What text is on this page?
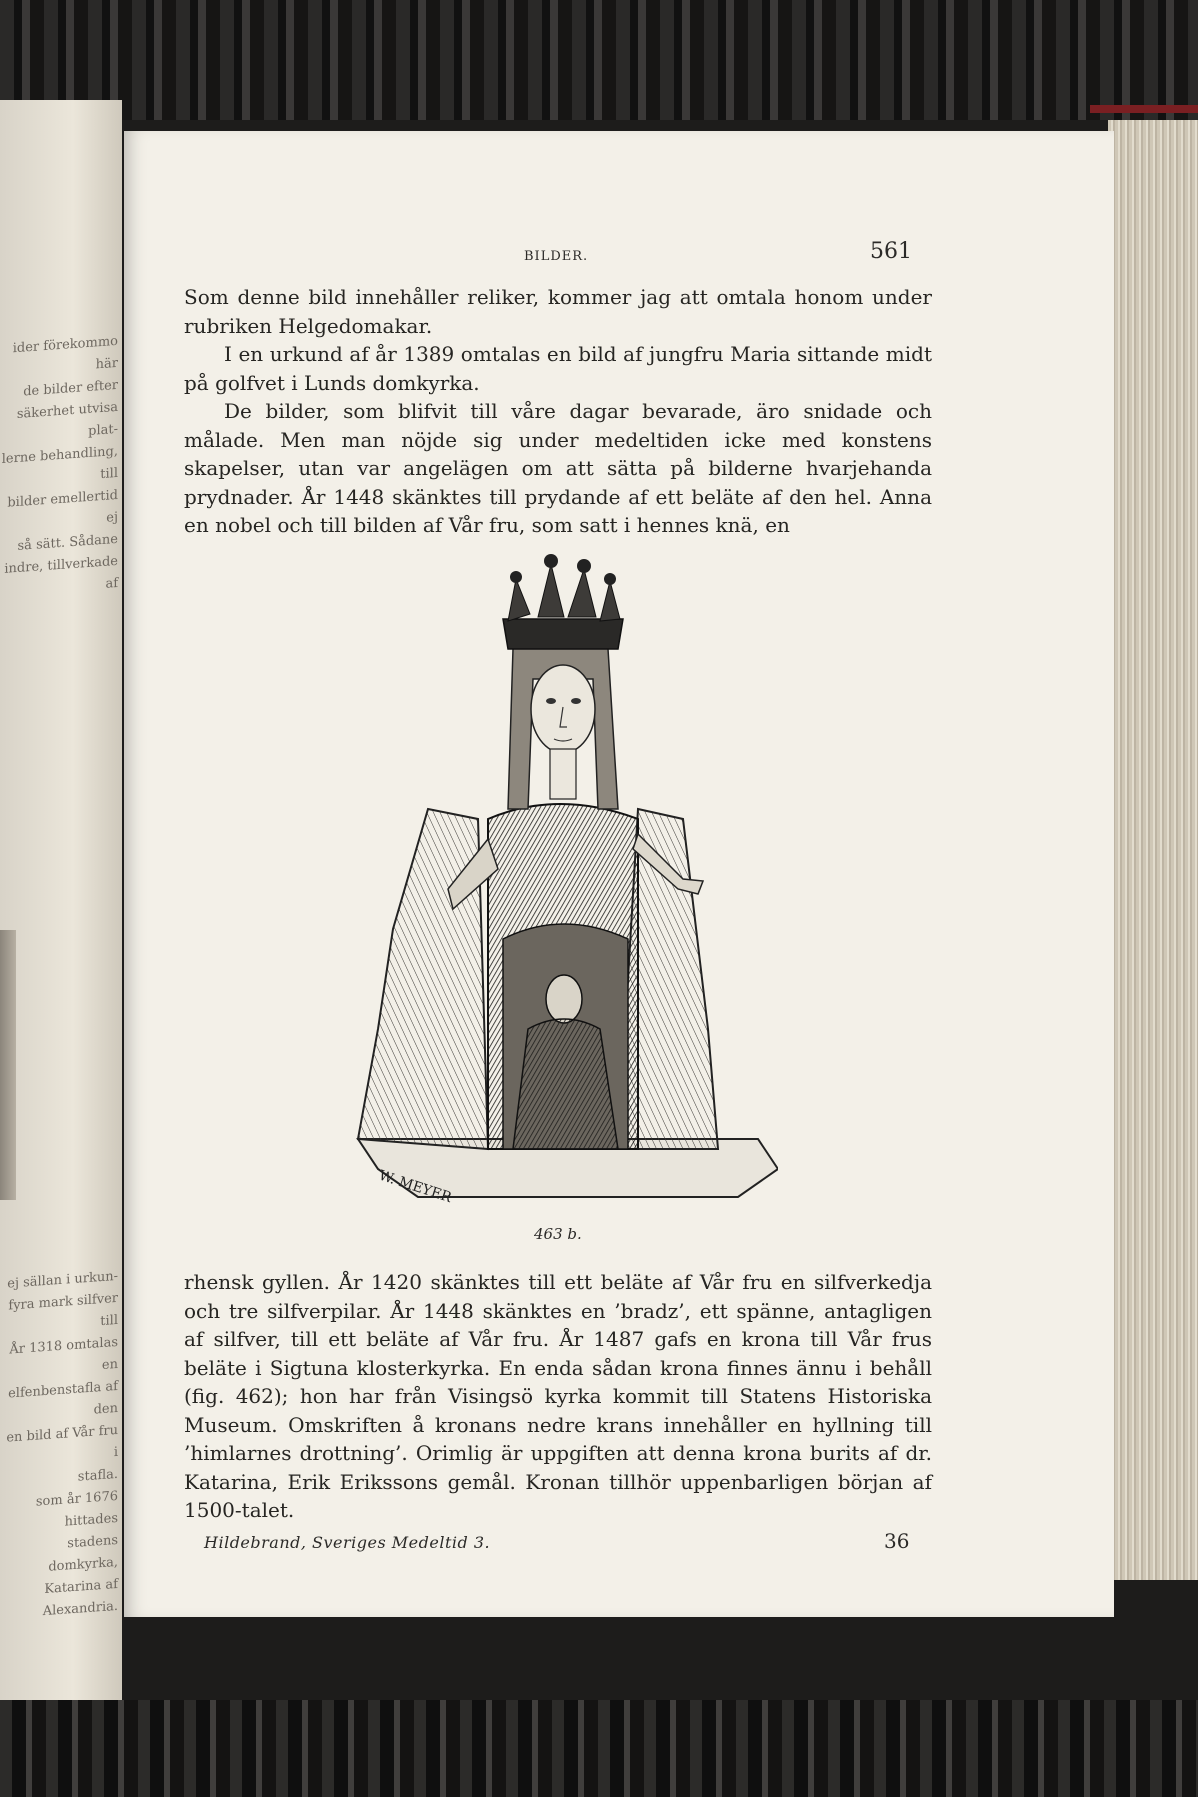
ider förekommo här
de bilder efter
säkerhet utvisa plat-
lerne behandling, till
bilder emellertid ej
så sätt. Sådane
indre, tillverkade af
ej sällan i urkun-
fyra mark silfver till
År 1318 omtalas en
elfenbenstafla af den
en bild af Vår fru i
stafla.
som år 1676 hittades
stadens domkyrka,
Katarina af Alexandria.
BILDER.	561

Som denne bild innehåller reliker, kommer jag att omtala honom under rubriken Helgedomakar.

I en urkund af år 1389 omtalas en bild af jungfru Maria sittande midt på golfvet i Lunds domkyrka.

De bilder, som blifvit till våre dagar bevarade, äro snidade och målade. Men man nöjde sig under medeltiden icke med konstens skapelser, utan var angelägen om att sätta på bilderne hvarjehanda prydnader. År 1448 skänktes till prydande af ett beläte af den hel. Anna en nobel och till bilden af Vår fru, som satt i hennes knä, en

W. MEYER
463 b.

rhensk gyllen. År 1420 skänktes till ett beläte af Vår fru en silfverkedja och tre silfverpilar. År 1448 skänktes en ’bradz’, ett spänne, antagligen af silfver, till ett beläte af Vår fru. År 1487 gafs en krona till Vår frus beläte i Sigtuna klosterkyrka. En enda sådan krona finnes ännu i behåll (fig. 462); hon har från Visingsö kyrka kommit till Statens Historiska Museum. Omskriften å kronans nedre krans innehåller en hyllning till ’himlarnes drottning’. Orimlig är uppgiften att denna krona burits af dr. Katarina, Erik Erikssons gemål. Kronan tillhör uppenbarligen början af 1500-talet.

Hildebrand, Sveriges Medeltid 3.	36
